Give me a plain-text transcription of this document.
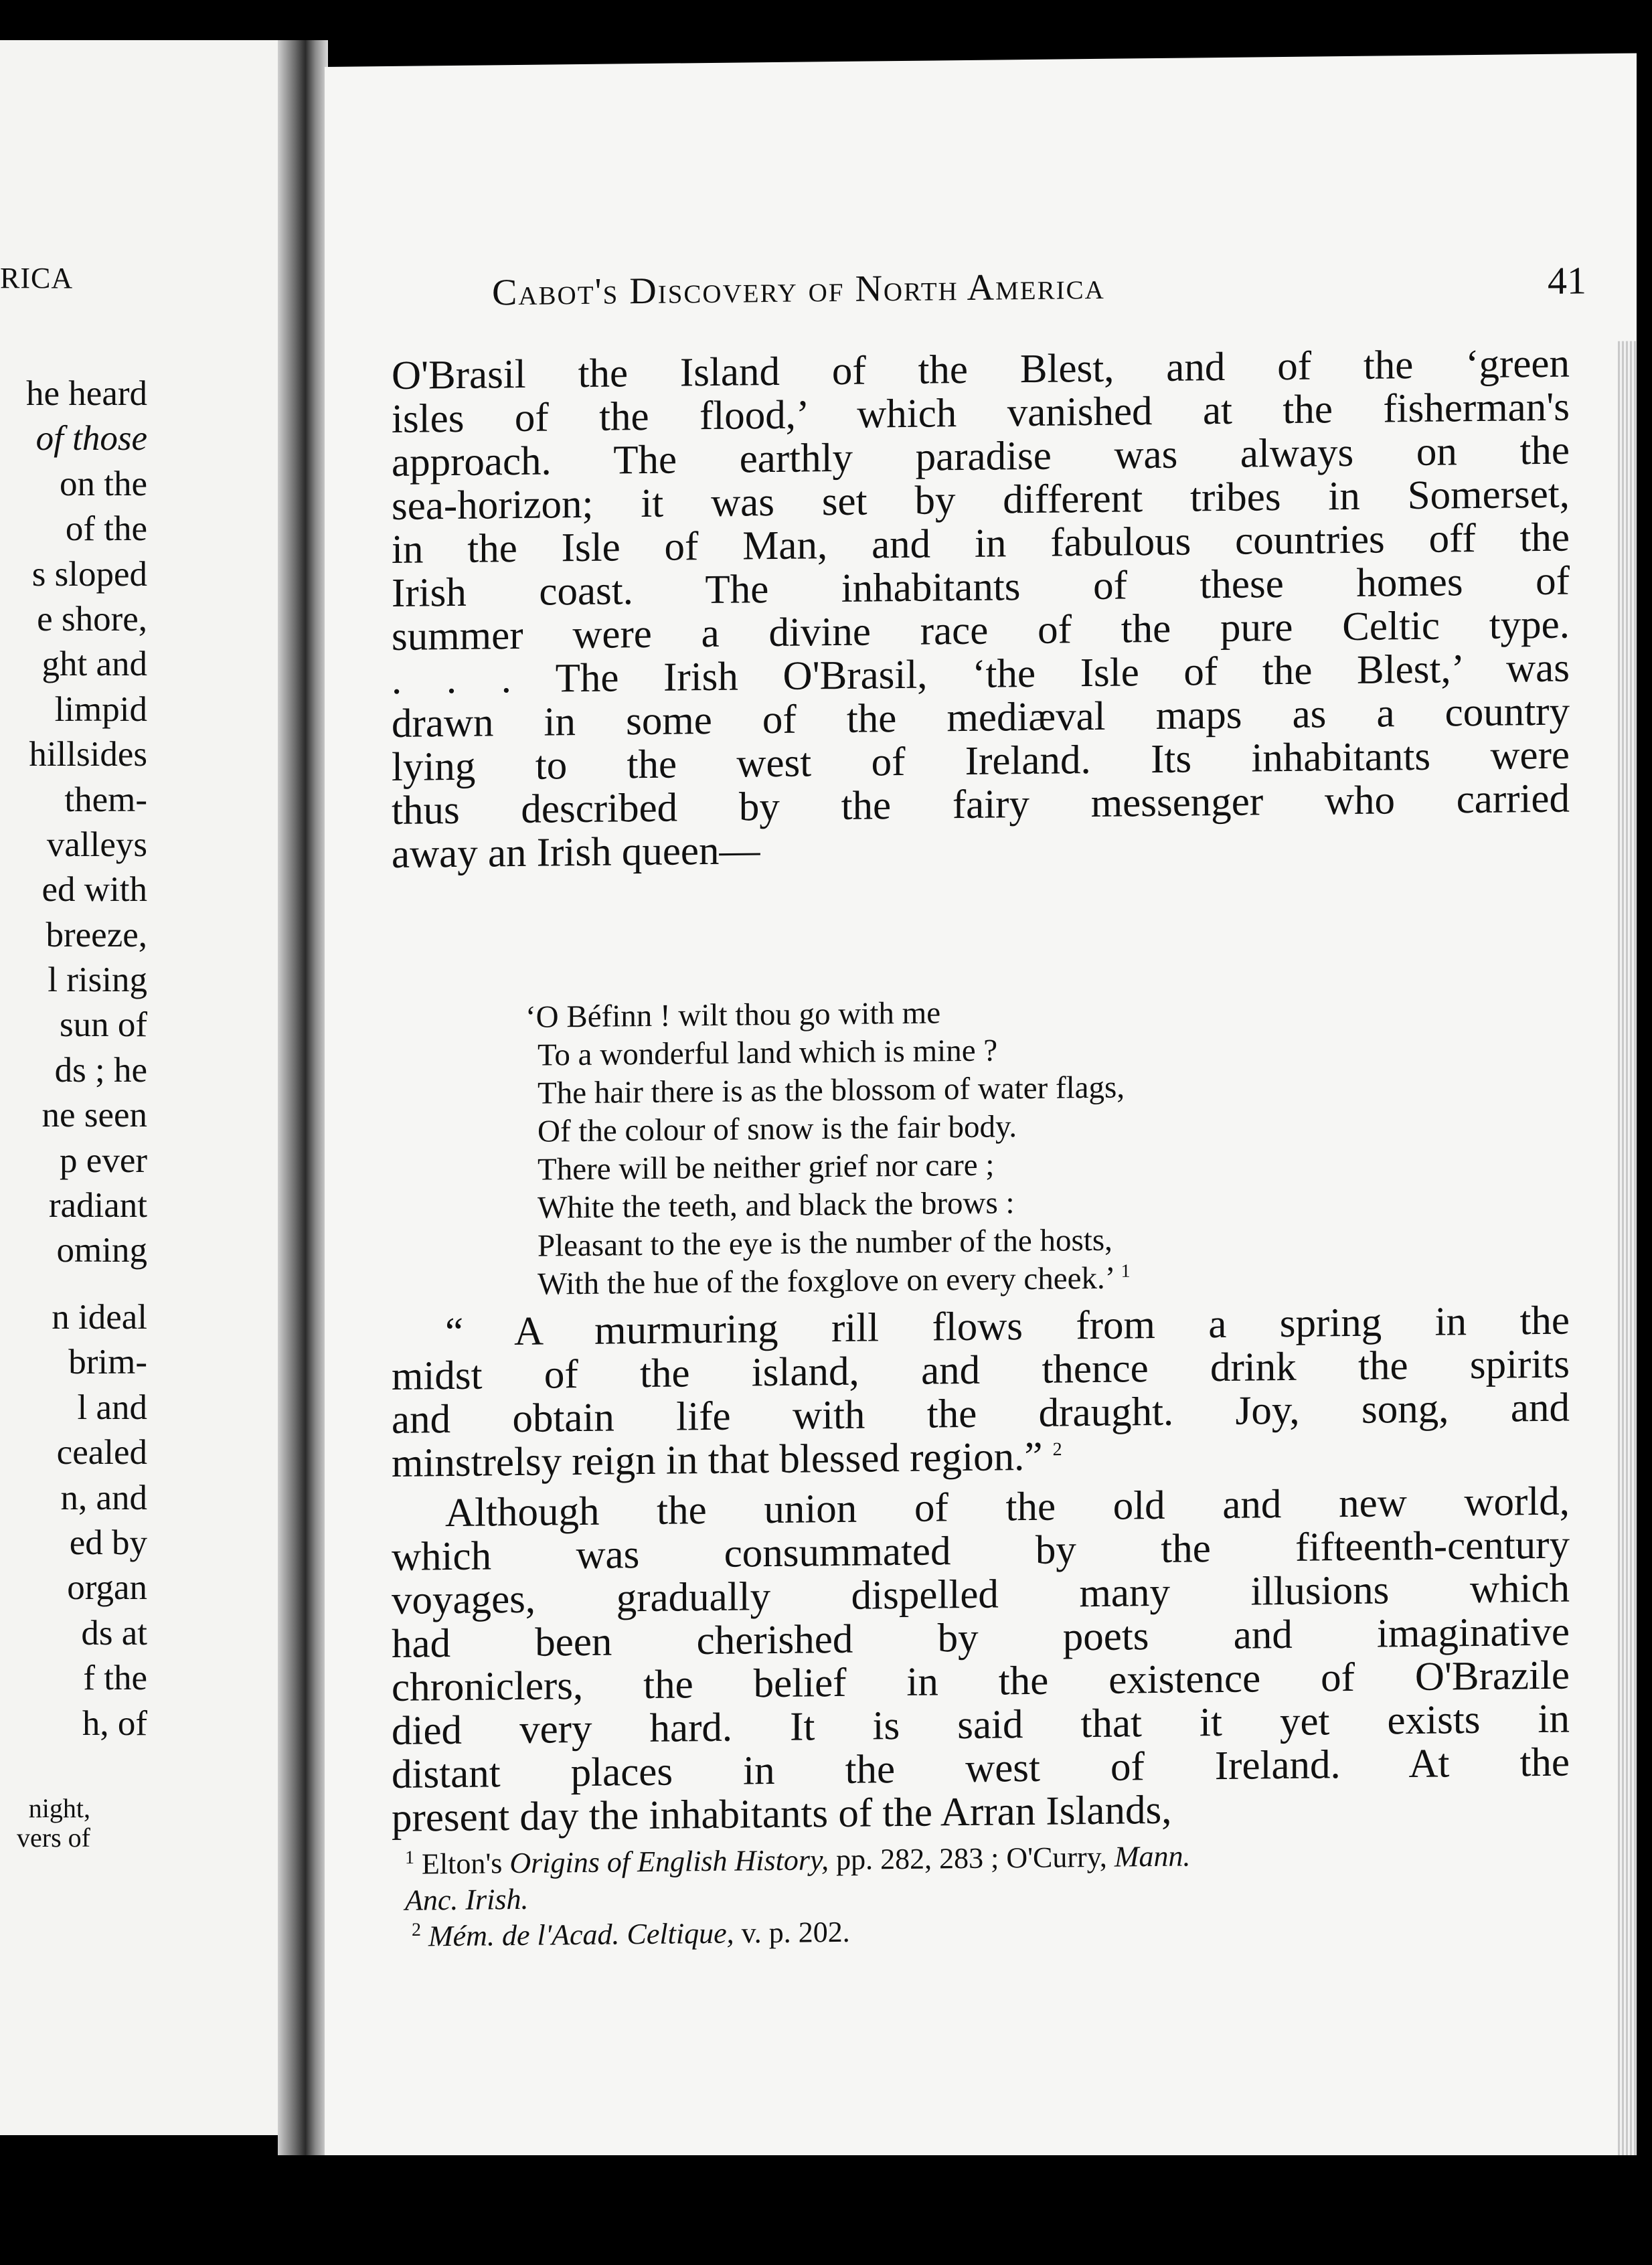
RICA
he heard
of those
on the
of the
s sloped
e shore,
ght and
limpid
hillsides
them-
valleys
ed with
breeze,
l rising
sun of
ds ; he
ne seen
p ever
radiant
oming
n ideal
brim-
l and
cealed
n, and
ed by
organ
ds at
f the
h, of
night,
vers of
Cabot's Discovery of North America	41
O'Brasil the Island of the Blest, and of the ‘green
isles of the flood,’ which vanished at the fisherman's
approach. The earthly paradise was always on the
sea-horizon; it was set by different tribes in Somerset,
in the Isle of Man, and in fabulous countries off the
Irish coast. The inhabitants of these homes of
summer were a divine race of the pure Celtic type.
. . . The Irish O'Brasil, ‘the Isle of the Blest,’ was
drawn in some of the mediæval maps as a country
lying to the west of Ireland. Its inhabitants were
thus described by the fairy messenger who carried
away an Irish queen—
‘O Béfinn ! wilt thou go with me
To a wonderful land which is mine ?
The hair there is as the blossom of water flags,
Of the colour of snow is the fair body.
There will be neither grief nor care ;
White the teeth, and black the brows :
Pleasant to the eye is the number of the hosts,
With the hue of the foxglove on every cheek.’ $^1$
“ A murmuring rill flows from a spring in the
midst of the island, and thence drink the spirits
and obtain life with the draught. Joy, song, and
minstrelsy reign in that blessed region.” $^2$
Although the union of the old and new world,
which was consummated by the fifteenth-century
voyages, gradually dispelled many illusions which
had been cherished by poets and imaginative
chroniclers, the belief in the existence of O'Brazile
died very hard. It is said that it yet exists in
distant places in the west of Ireland. At the
present day the inhabitants of the Arran Islands,
$^1$ Elton's Origins of English History, pp. 282, 283 ; O'Curry, Mann.
Anc. Irish.
$^2$ Mém. de l'Acad. Celtique, v. p. 202.
